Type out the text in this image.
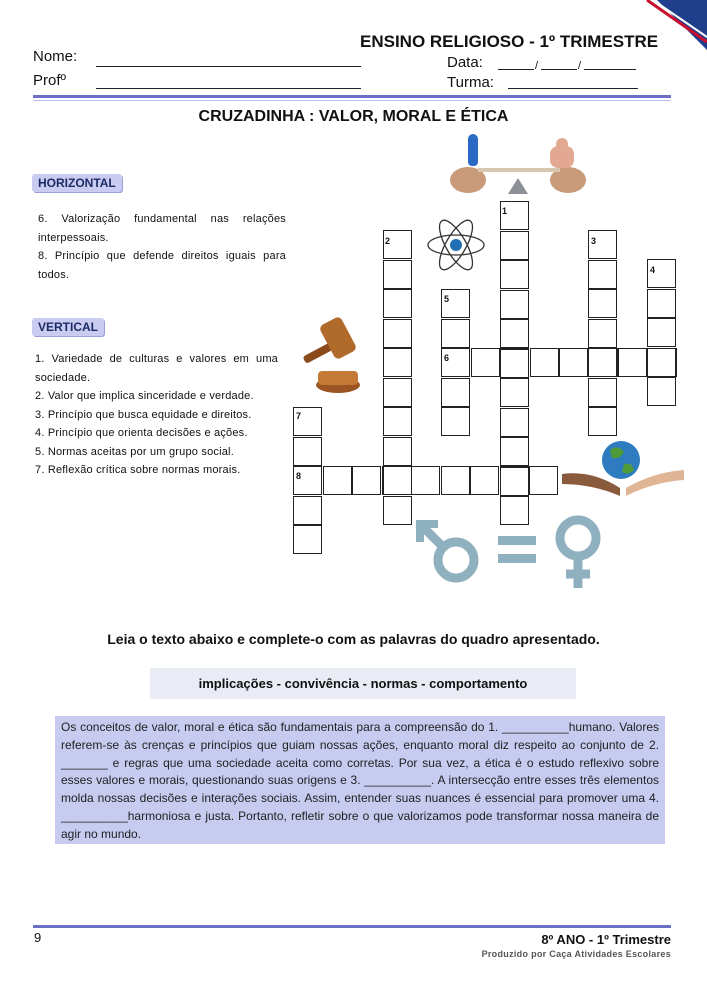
ENSINO RELIGIOSO - 1º TRIMESTRE
Nome:
Profº
Data:	/	/
Turma:
CRUZADINHA : VALOR, MORAL E ÉTICA
HORIZONTAL

6. Valorização fundamental nas relações interpessoais.

8. Princípio que defende direitos iguais para todos.

VERTICAL

1. Variedade de culturas e valores em uma sociedade.

2. Valor que implica sinceridade e verdade.

3. Princípio que busca equidade e direitos.

4. Princípio que orienta decisões e ações.

5. Normas aceitas por um grupo social.

7. Reflexão crítica sobre normas morais.

1
2	3
4
5
6
7
8
Leia o texto abaixo e complete-o com as palavras do quadro apresentado.
implicações - convivência - normas - comportamento
Os conceitos de valor, moral e ética são fundamentais para a compreensão do 1. __________humano. Valores referem-se às crenças e princípios que guiam nossas ações, enquanto moral diz respeito ao conjunto de 2. _______ e regras que uma sociedade aceita como corretas. Por sua vez, a ética é o estudo reflexivo sobre esses valores e morais, questionando suas origens e 3. __________. A intersecção entre esses três elementos molda nossas decisões e interações sociais. Assim, entender suas nuances é essencial para promover uma 4. __________harmoniosa e justa. Portanto, refletir sobre o que valorizamos pode transformar nossa maneira de agir no mundo.
9	8º ANO - 1º Trimestre
Produzido por Caça Atividades Escolares
